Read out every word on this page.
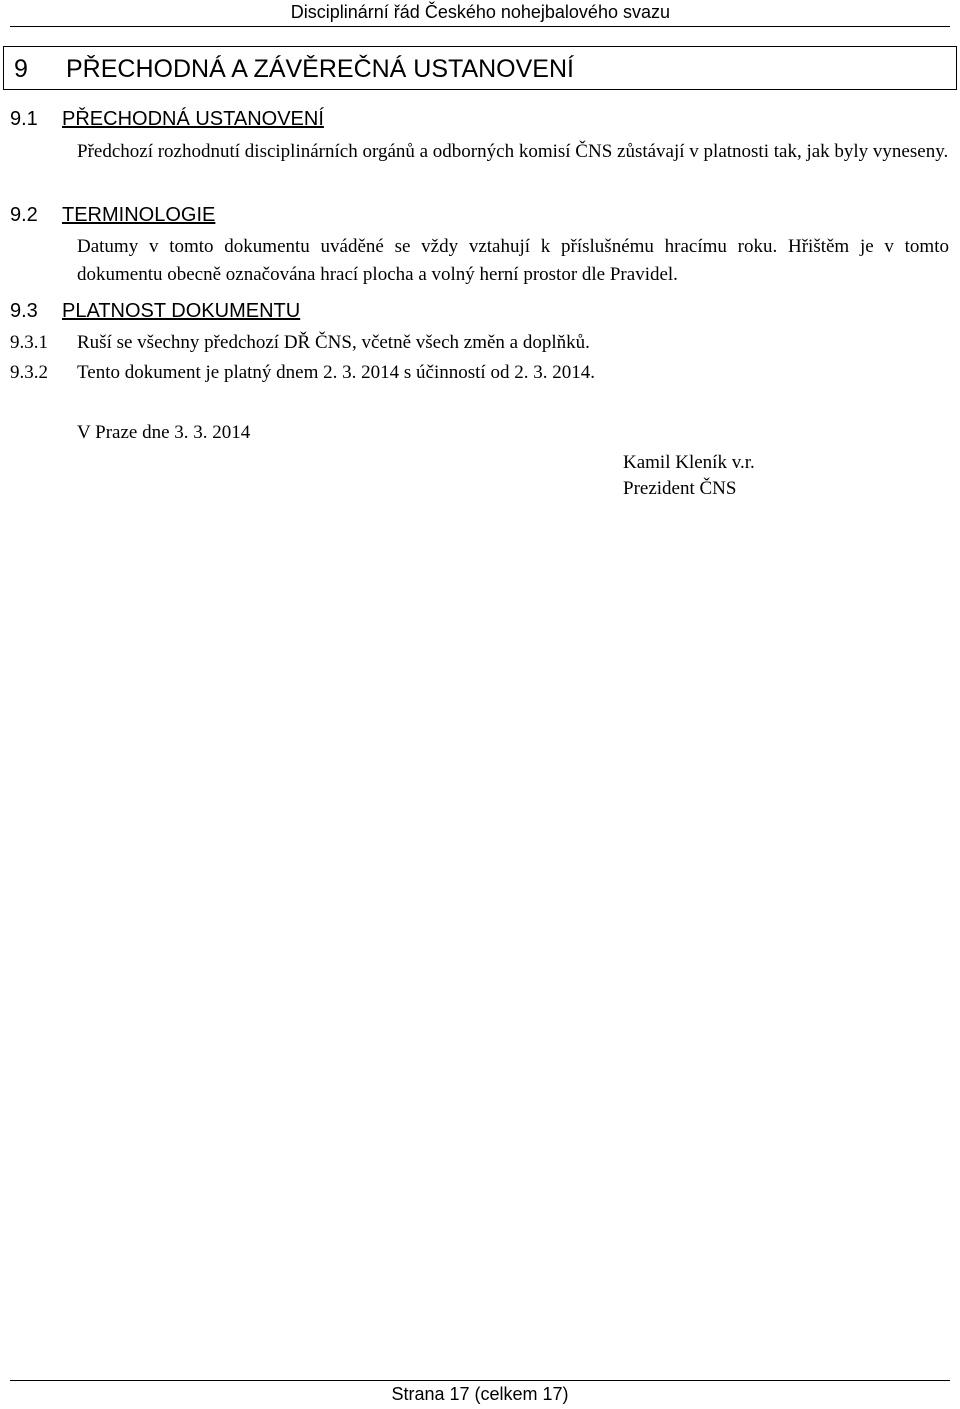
Disciplinární řád Českého nohejbalového svazu
9 PŘECHODNÁ A ZÁVĚREČNÁ USTANOVENÍ
9.1 PŘECHODNÁ USTANOVENÍ
Předchozí rozhodnutí disciplinárních orgánů a odborných komisí ČNS zůstávají v platnosti tak, jak byly vyneseny.
9.2 TERMINOLOGIE
Datumy v tomto dokumentu uváděné se vždy vztahují k příslušnému hracímu roku. Hřištěm je v tomto dokumentu obecně označována hrací plocha a volný herní prostor dle Pravidel.
9.3 PLATNOST DOKUMENTU
9.3.1 Ruší se všechny předchozí DŘ ČNS, včetně všech změn a doplňků.
9.3.2 Tento dokument je platný dnem 2. 3. 2014 s účinností od 2. 3. 2014.
V Praze dne 3. 3. 2014
Kamil Kleník v.r.
Prezident ČNS
Strana 17 (celkem 17)
